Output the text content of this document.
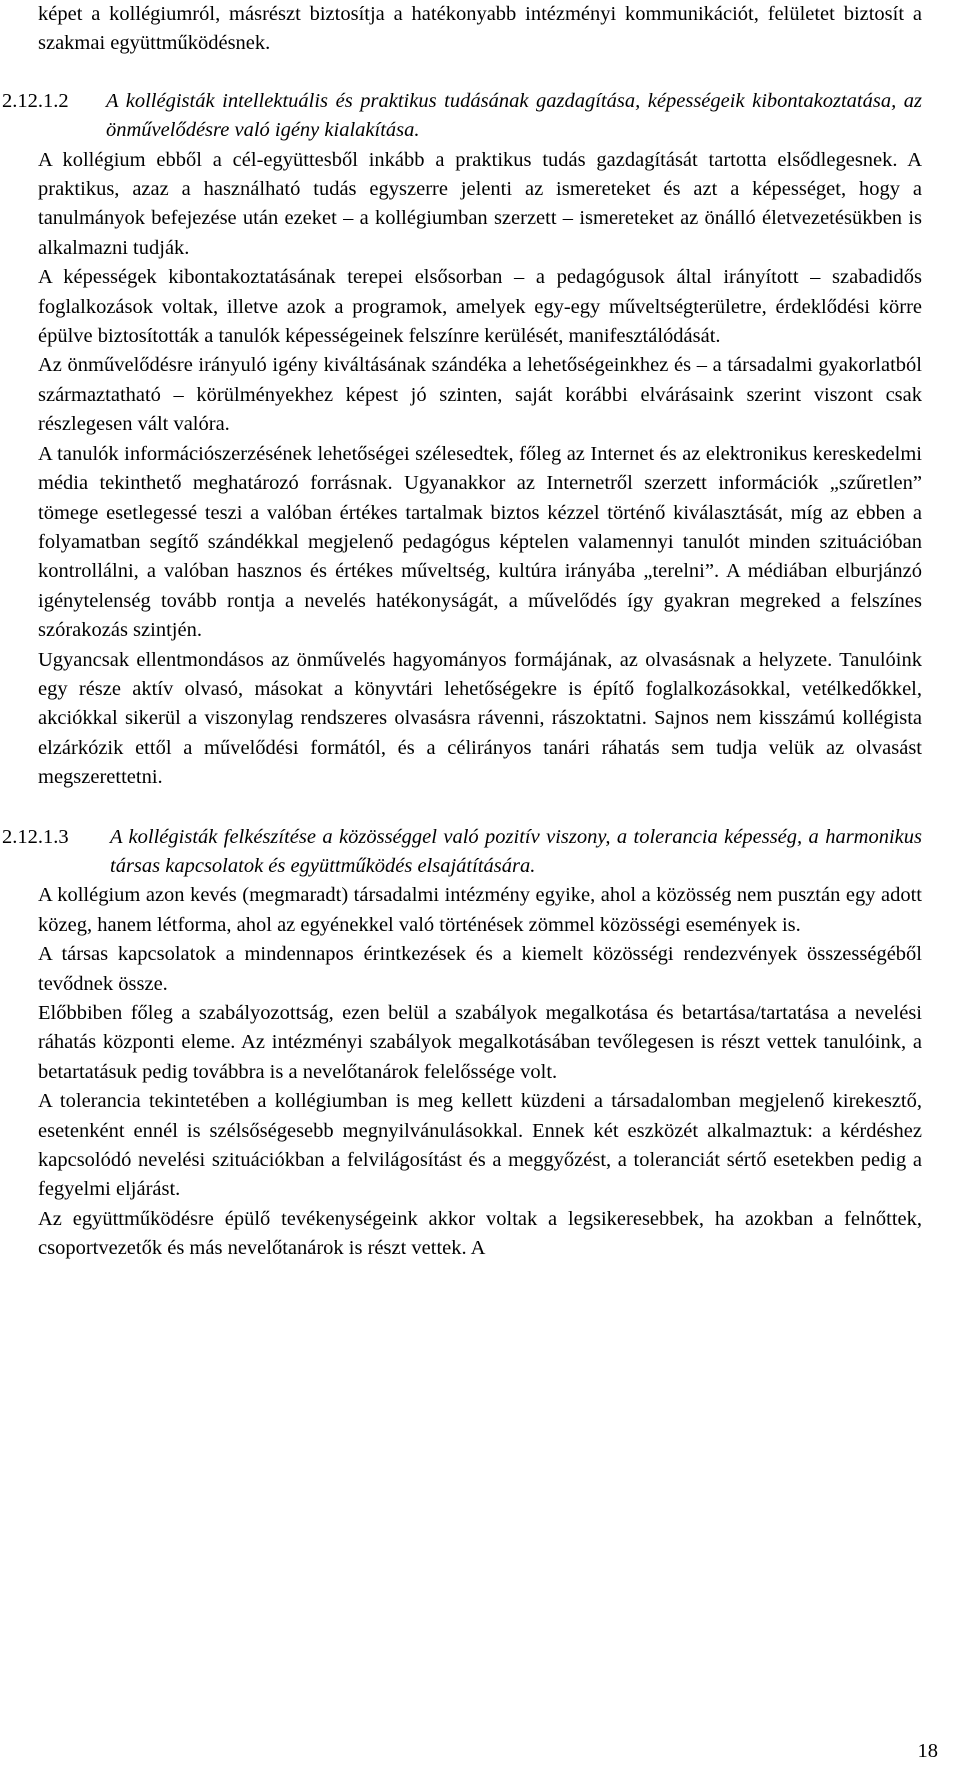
képet a kollégiumról, másrészt biztosítja a hatékonyabb intézményi kommunikációt, felületet biztosít a szakmai együttműködésnek.

2.12.1.2	A kollégisták intellektuális és praktikus tudásának gazdagítása, képességeik kibontakoztatása, az önművelődésre való igény kialakítása.

A kollégium ebből a cél-együttesből inkább a praktikus tudás gazdagítását tartotta elsődlegesnek. A praktikus, azaz a használható tudás egyszerre jelenti az ismereteket és azt a képességet, hogy a tanulmányok befejezése után ezeket – a kollégiumban szerzett – ismereteket az önálló életvezetésükben is alkalmazni tudják.

A képességek kibontakoztatásának terepei elsősorban – a pedagógusok által irányított – szabadidős foglalkozások voltak, illetve azok a programok, amelyek egy-egy műveltségterületre, érdeklődési körre épülve biztosították a tanulók képességeinek felszínre kerülését, manifesztálódását.

Az önművelődésre irányuló igény kiváltásának szándéka a lehetőségeinkhez és – a társadalmi gyakorlatból származtatható – körülményekhez képest jó szinten, saját korábbi elvárásaink szerint viszont csak részlegesen vált valóra.

A tanulók információszerzésének lehetőségei szélesedtek, főleg az Internet és az elektronikus kereskedelmi média tekinthető meghatározó forrásnak. Ugyanakkor az Internetről szerzett információk „szűretlen” tömege esetlegessé teszi a valóban értékes tartalmak biztos kézzel történő kiválasztását, míg az ebben a folyamatban segítő szándékkal megjelenő pedagógus képtelen valamennyi tanulót minden szituációban kontrollálni, a valóban hasznos és értékes műveltség, kultúra irányába „terelni”. A médiában elburjánzó igénytelenség tovább rontja a nevelés hatékonyságát, a művelődés így gyakran megreked a felszínes szórakozás szintjén.

Ugyancsak ellentmondásos az önművelés hagyományos formájának, az olvasásnak a helyzete. Tanulóink egy része aktív olvasó, másokat a könyvtári lehetőségekre is építő foglalkozásokkal, vetélkedőkkel, akciókkal sikerül a viszonylag rendszeres olvasásra rávenni, rászoktatni. Sajnos nem kisszámú kollégista elzárkózik ettől a művelődési formától, és a célirányos tanári ráhatás sem tudja velük az olvasást megszerettetni.

2.12.1.3	A kollégisták felkészítése a közösséggel való pozitív viszony, a tolerancia képesség, a harmonikus társas kapcsolatok és együttműködés elsajátítására.

A kollégium azon kevés (megmaradt) társadalmi intézmény egyike, ahol a közösség nem pusztán egy adott közeg, hanem létforma, ahol az egyénekkel való történések zömmel közösségi események is.

A társas kapcsolatok a mindennapos érintkezések és a kiemelt közösségi rendezvények összességéből tevődnek össze.

Előbbiben főleg a szabályozottság, ezen belül a szabályok megalkotása és betartása/tartatása a nevelési ráhatás központi eleme. Az intézményi szabályok megalkotásában tevőlegesen is részt vettek tanulóink, a betartatásuk pedig továbbra is a nevelőtanárok felelőssége volt.

A tolerancia tekintetében a kollégiumban is meg kellett küzdeni a társadalomban megjelenő kirekesztő, esetenként ennél is szélsőségesebb megnyilvánulásokkal. Ennek két eszközét alkalmaztuk: a kérdéshez kapcsolódó nevelési szituációkban a felvilágosítást és a meggyőzést, a toleranciát sértő esetekben pedig a fegyelmi eljárást.

Az együttműködésre épülő tevékenységeink akkor voltak a legsikeresebbek, ha azokban a felnőttek, csoportvezetők és más nevelőtanárok is részt vettek. A

18
